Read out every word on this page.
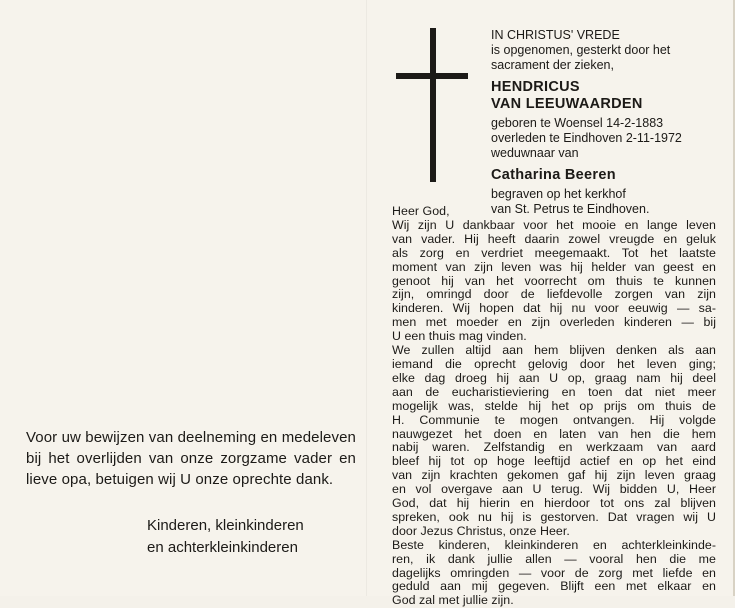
Voor uw bewijzen van deelneming en medeleven bij het overlijden van onze zorgzame vader en lieve opa, betuigen wij U onze oprechte dank.
Kinderen, kleinkinderen
en achterkleinkinderen
IN CHRISTUS' VREDE
is opgenomen, gesterkt door het
sacrament der zieken,
HENDRICUS
VAN LEEUWAARDEN
geboren te Woensel 14-2-1883
overleden te Eindhoven 2-11-1972
weduwnaar van
Catharina Beeren
begraven op het kerkhof
van St. Petrus te Eindhoven.
Heer God,
Wij zijn U dankbaar voor het mooie en lange leven
van vader. Hij heeft daarin zowel vreugde en geluk
als zorg en verdriet meegemaakt. Tot het laatste
moment van zijn leven was hij helder van geest en
genoot hij van het voorrecht om thuis te kunnen
zijn, omringd door de liefdevolle zorgen van zijn
kinderen. Wij hopen dat hij nu voor eeuwig — sa-
men met moeder en zijn overleden kinderen — bij
U een thuis mag vinden.
We zullen altijd aan hem blijven denken als aan
iemand die oprecht gelovig door het leven ging;
elke dag droeg hij aan U op, graag nam hij deel
aan de eucharistieviering en toen dat niet meer
mogelijk was, stelde hij het op prijs om thuis de
H. Communie te mogen ontvangen. Hij volgde
nauwgezet het doen en laten van hen die hem
nabij waren. Zelfstandig en werkzaam van aard
bleef hij tot op hoge leeftijd actief en op het eind
van zijn krachten gekomen gaf hij zijn leven graag
en vol overgave aan U terug. Wij bidden U, Heer
God, dat hij hierin en hierdoor tot ons zal blijven
spreken, ook nu hij is gestorven. Dat vragen wij U
door Jezus Christus, onze Heer.
Beste kinderen, kleinkinderen en achterkleinkinde-
ren, ik dank jullie allen — vooral hen die me
dagelijks omringden — voor de zorg met liefde en
geduld aan mij gegeven. Blijft een met elkaar en
God zal met jullie zijn.
